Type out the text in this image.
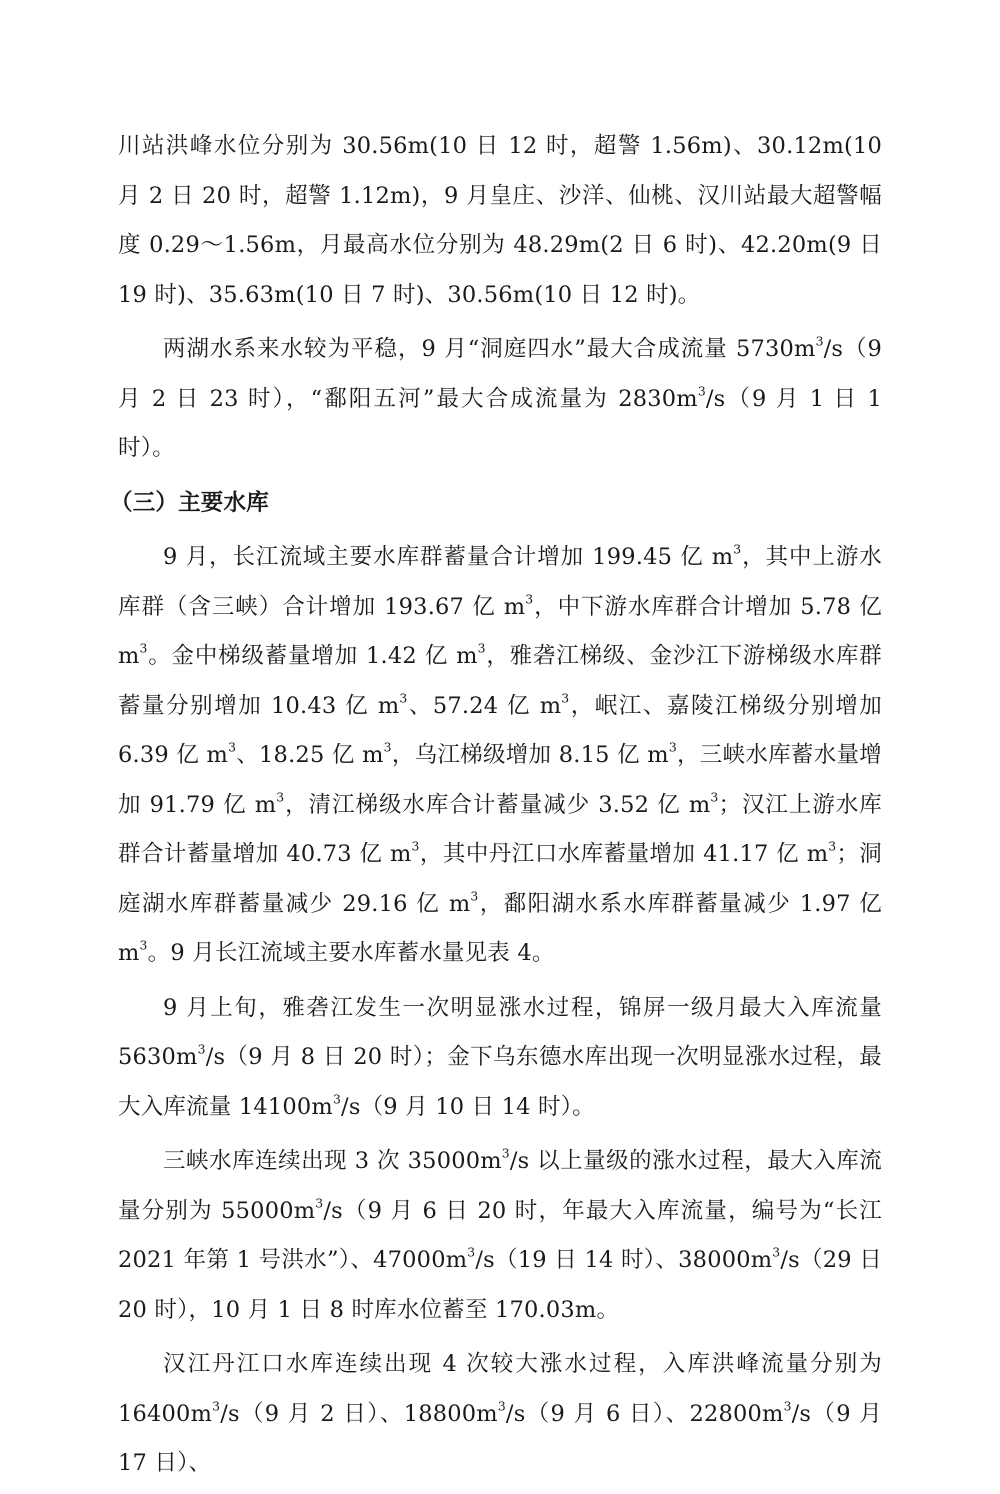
川站洪峰水位分别为 30.56m(10 日 12 时，超警 1.56m)、30.12m(10 月 2 日 20 时，超警 1.12m)，9 月皇庄、沙洋、仙桃、汉川站最大超警幅度 0.29～1.56m，月最高水位分别为 48.29m(2 日 6 时)、42.20m(9 日 19 时)、35.63m(10 日 7 时)、30.56m(10 日 12 时)。

两湖水系来水较为平稳，9 月“洞庭四水”最大合成流量 $5730m^3/s(9$ 月 2 日 23 时），“鄱阳五河”最大合成流量为 $2830m^3/s(9$ 月 1 日 1 时）。

（三）主要水库

9 月，长江流域主要水库群蓄量合计增加 199.45 亿 $m^3$，其中上游水库群（含三峡）合计增加 193.67 亿 $m^3$，中下游水库群合计增加 5.78 亿 $m^3$。金中梯级蓄量增加 1.42 亿 $m^3$，雅砻江梯级、金沙江下游梯级水库群蓄量分别增加 10.43 亿 $m^3$、57.24 亿 $m^3$，岷江、嘉陵江梯级分别增加 6.39 亿 $m^3$、18.25 亿 $m^3$，乌江梯级增加 8.15 亿 $m^3$，三峡水库蓄水量增加 91.79 亿 $m^3$，清江梯级水库合计蓄量减少 3.52 亿 $m^3$；汉江上游水库群合计蓄量增加 40.73 亿 $m^3$，其中丹江口水库蓄量增加 41.17 亿 $m^3$；洞庭湖水库群蓄量减少 29.16 亿 $m^3$，鄱阳湖水系水库群蓄量减少 1.97 亿 $m^3$。9 月长江流域主要水库蓄水量见表 4。

9 月上旬，雅砻江发生一次明显涨水过程，锦屏一级月最大入库流量 $5630m^3/s(9$ 月 8 日 20 时）；金下乌东德水库出现一次明显涨水过程，最大入库流量 $14100m^3/s(9$ 月 10 日 14 时）。

三峡水库连续出现 3 次 $35000m^3/s$ 以上量级的涨水过程，最大入库流量分别为 $55000m^3/s(9$ 月 6 日 20 时，年最大入库流量，编号为“长江 2021 年第 1 号洪水”）、$47000m^3/s(19$ 日 14 时）、$38000m^3/s(29$ 日 20 时），10 月 1 日 8 时库水位蓄至 170.03m。

汉江丹江口水库连续出现 4 次较大涨水过程，入库洪峰流量分别为 $16400m^3/s(9$ 月 2 日）、$18800m^3/s(9$ 月 6 日）、$22800m^3/s(9$ 月 17 日）、
